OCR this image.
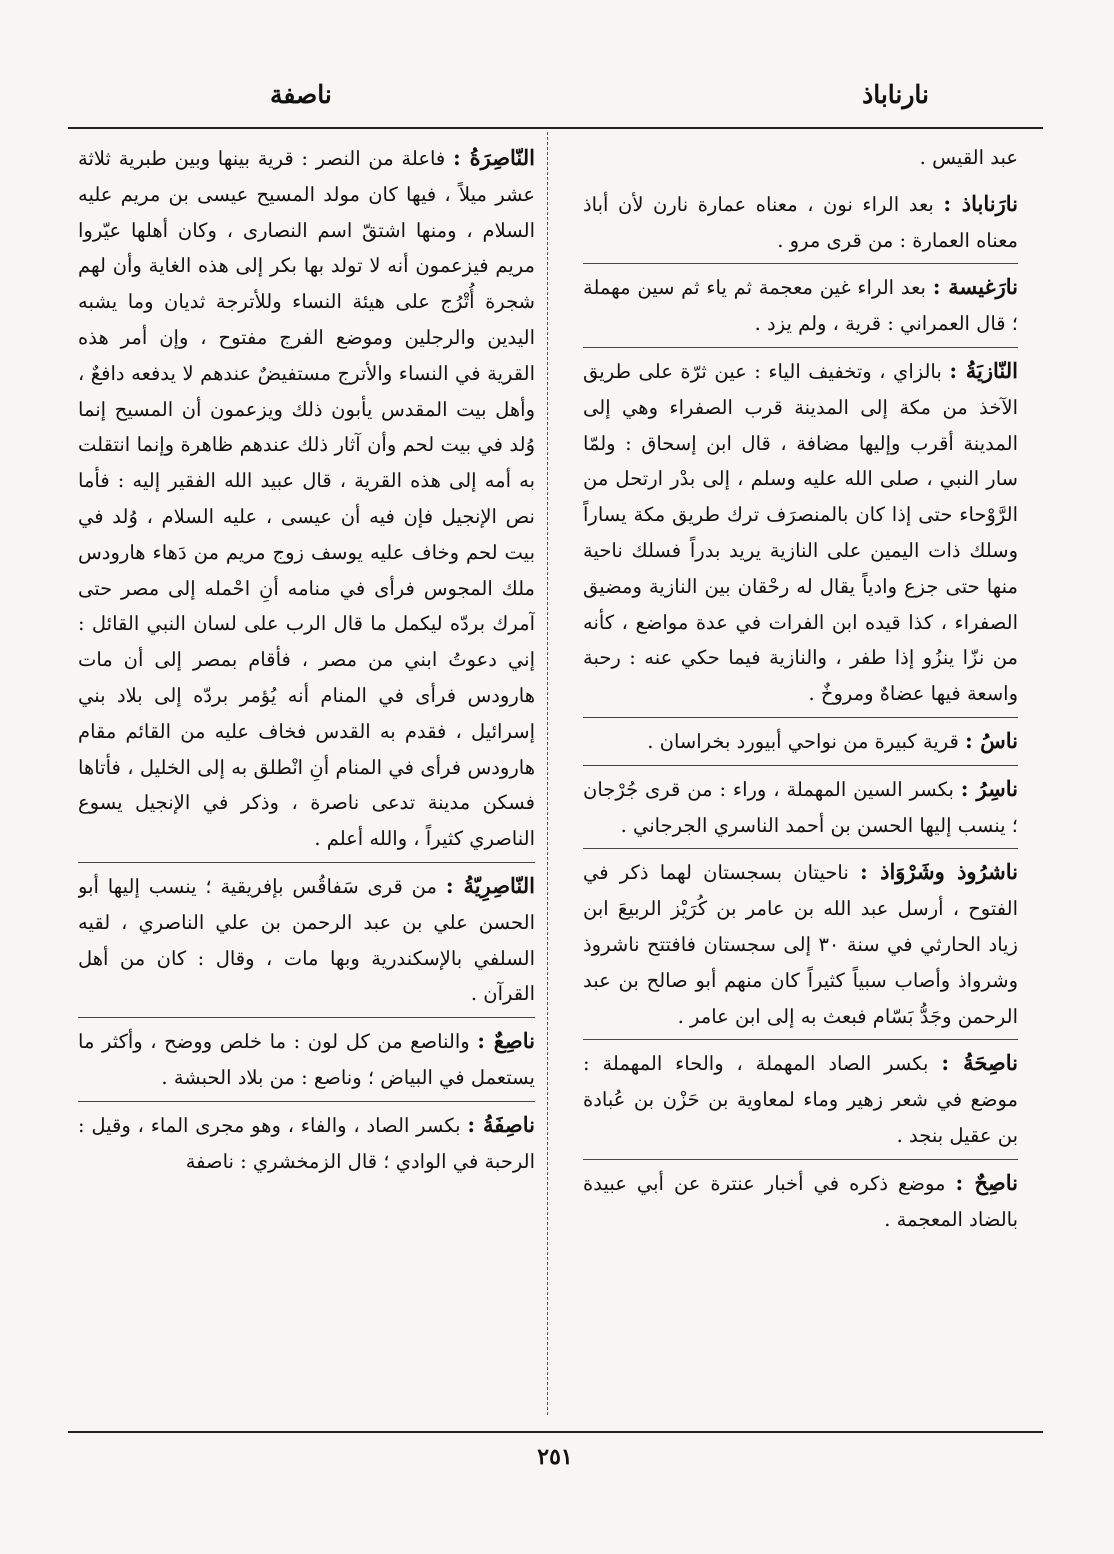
نارناباذ
ناصفة
عبد القيس .
نارَناباذ : بعد الراء نون ، معناه عمارة نارن لأن أباذ معناه العمارة : من قرى مرو .
نارَغيسة : بعد الراء غين معجمة ثم ياء ثم سين مهملة ؛ قال العمراني : قرية ، ولم يزد .
النّازيَةُ : بالزاي ، وتخفيف الياء : عين ثرّة على طريق الآخذ من مكة إلى المدينة قرب الصفراء وهي إلى المدينة أقرب وإليها مضافة ، قال ابن إسحاق : ولمّا سار النبي ، صلى الله عليه وسلم ، إلى بدْر ارتحل من الرَّوْحاء حتى إذا كان بالمنصرَف ترك طريق مكة يساراً وسلك ذات اليمين على النازية يريد بدراً فسلك ناحية منها حتى جزع وادياً يقال له رحْقان بين النازية ومضيق الصفراء ، كذا قيده ابن الفرات في عدة مواضع ، كأنه من نزّا ينزُو إذا طفر ، والنازية فيما حكي عنه : رحبة واسعة فيها عضاهٌ ومروخٌ .
ناسُ : قرية كبيرة من نواحي أبيورد بخراسان .
ناسِرُ : بكسر السين المهملة ، وراء : من قرى جُرْجان ؛ ينسب إليها الحسن بن أحمد الناسري الجرجاني .
ناشرُوذ وشَرْوَاذ : ناحيتان بسجستان لهما ذكر في الفتوح ، أرسل عبد الله بن عامر بن كُرَيْز الربيعَ ابن زياد الحارثي في سنة ٣٠ إلى سجستان فافتتح ناشروذ وشرواذ وأصاب سبياً كثيراً كان منهم أبو صالح بن عبد الرحمن وجَدُّ بَسّام فبعث به إلى ابن عامر .
ناصِحَةُ : بكسر الصاد المهملة ، والحاء المهملة : موضع في شعر زهير وماء لمعاوية بن حَزْن بن عُبادة بن عقيل بنجد .
ناصِحٌ : موضع ذكره في أخبار عنترة عن أبي عبيدة بالضاد المعجمة .
النّاصِرَةُ : فاعلة من النصر : قرية بينها وبين طبرية ثلاثة عشر ميلاً ، فيها كان مولد المسيح عيسى بن مريم عليه السلام ، ومنها اشتقّ اسم النصارى ، وكان أهلها عيّروا مريم فيزعمون أنه لا تولد بها بكر إلى هذه الغاية وأن لهم شجرة أُتْرُج على هيئة النساء وللأترجة ثديان وما يشبه اليدين والرجلين وموضع الفرج مفتوح ، وإن أمر هذه القرية في النساء والأترج مستفيضٌ عندهم لا يدفعه دافعٌ ، وأهل بيت المقدس يأبون ذلك ويزعمون أن المسيح إنما وُلد في بيت لحم وأن آثار ذلك عندهم ظاهرة وإنما انتقلت به أمه إلى هذه القرية ، قال عبيد الله الفقير إليه : فأما نص الإنجيل فإن فيه أن عيسى ، عليه السلام ، وُلد في بيت لحم وخاف عليه يوسف زوج مريم من دَهاء هارودس ملك المجوس فرأى في منامه أنِ احْمله إلى مصر حتى آمرك بردّه ليكمل ما قال الرب على لسان النبي القائل : إني دعوتُ ابني من مصر ، فأقام بمصر إلى أن مات هارودس فرأى في المنام أنه يُؤمر بردّه إلى بلاد بني إسرائيل ، فقدم به القدس فخاف عليه من القائم مقام هارودس فرأى في المنام أنِ انْطلق به إلى الخليل ، فأتاها فسكن مدينة تدعى ناصرة ، وذكر في الإنجيل يسوع الناصري كثيراً ، والله أعلم .
النّاصِرِيّةُ : من قرى سَفاقُس بإفريقية ؛ ينسب إليها أبو الحسن علي بن عبد الرحمن بن علي الناصري ، لقيه السلفي بالإسكندرية وبها مات ، وقال : كان من أهل القرآن .
ناصِعٌ : والناصع من كل لون : ما خلص ووضح ، وأكثر ما يستعمل في البياض ؛ وناصع : من بلاد الحبشة .
ناصِفَةُ : بكسر الصاد ، والفاء ، وهو مجرى الماء ، وقيل : الرحبة في الوادي ؛ قال الزمخشري : ناصفة
٢٥١
